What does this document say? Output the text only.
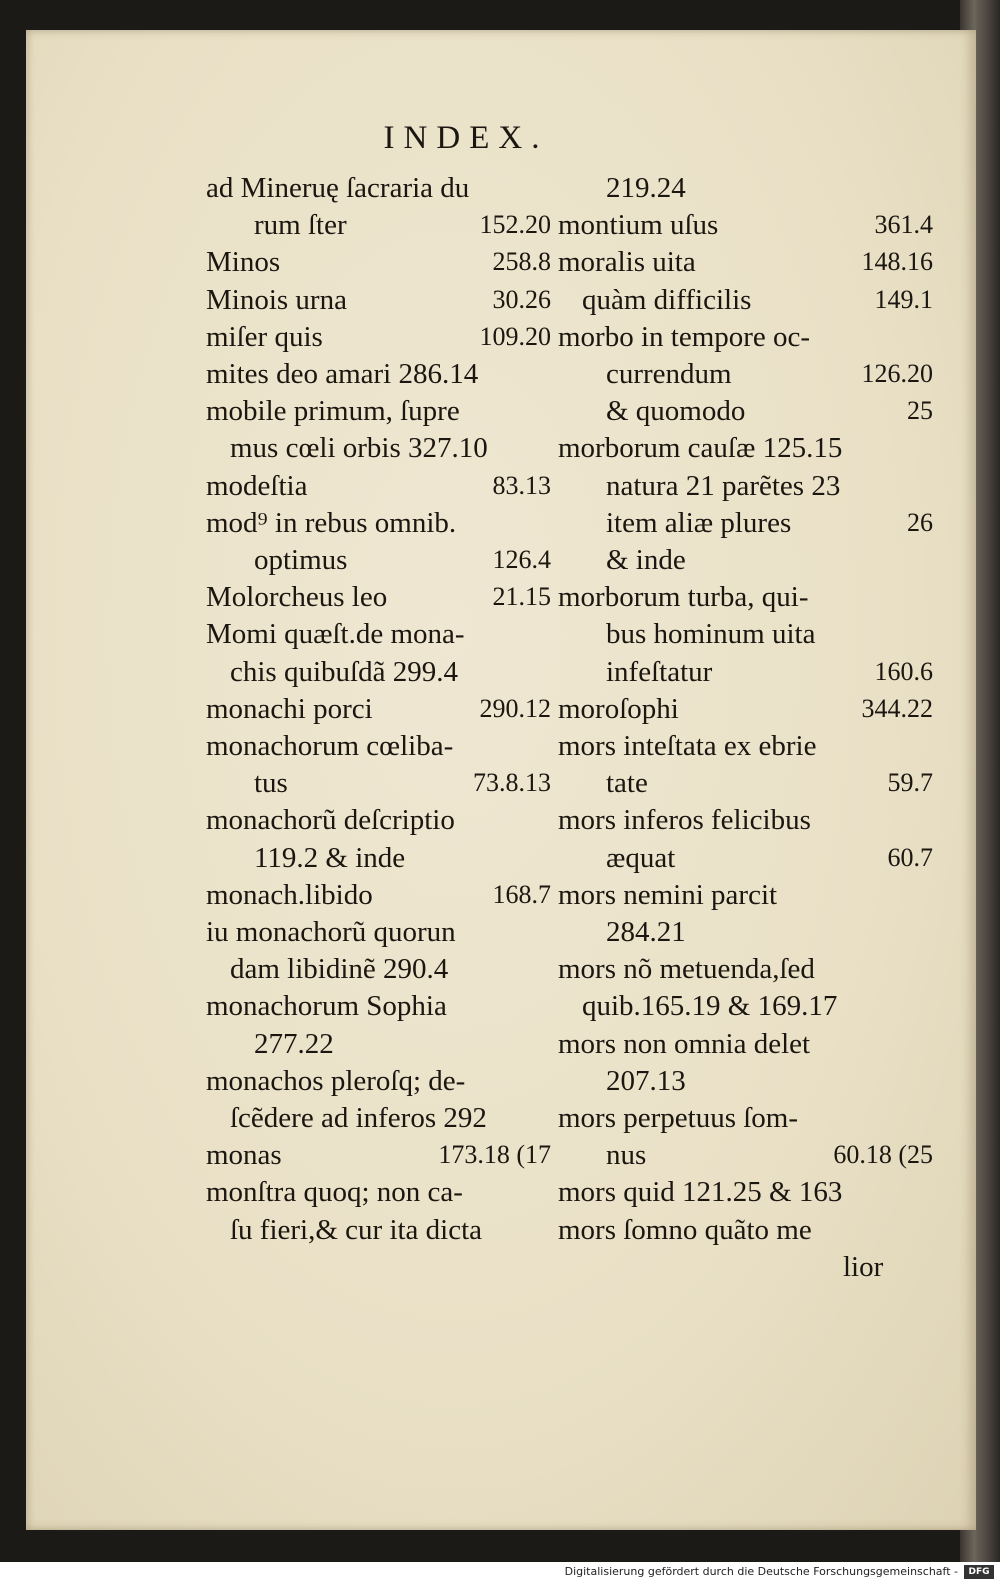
INDEX.
ad Mineruę ſacraria du
rum ſter	152.20
Minos	258.8
Minois urna	30.26
miſer quis	109.20
mites deo amari 286.14
mobile primum, ſupre
mus cœli orbis 327.10
modeſtia	83.13
mod⁹ in rebus omnib.
optimus	126.4
Molorcheus leo	21.15
Momi quæſt.de mona-
chis quibuſdã 299.4
monachi porci	290.12
monachorum cœliba-
tus	73.8.13
monachorũ deſcriptio
119.2 & inde
monach.libido	168.7
iu monachorũ quorun
dam libidinẽ 290.4
monachorum Sophia
277.22
monachos pleroſq; de-
ſcẽdere ad inferos 292
monas	173.18 (17
monſtra quoq; non ca-
ſu fieri,& cur ita dicta
219.24
montium uſus	361.4
moralis uita	148.16
quàm difficilis	149.1
morbo in tempore oc-
currendum	126.20
& quomodo	25
morborum cauſæ 125.15
natura 21 parẽtes 23
item aliæ plures	26
& inde
morborum turba, qui-
bus hominum uita
infeſtatur	160.6
moroſophi	344.22
mors inteſtata ex ebrie
tate	59.7
mors inferos felicibus
æquat	60.7
mors nemini parcit
284.21
mors nõ metuenda,ſed
quib.165.19 & 169.17
mors non omnia delet
207.13
mors perpetuus ſom-
nus	60.18 (25
mors quid 121.25 & 163
mors ſomno quãto me
lior
Digitalisierung gefördert durch die Deutsche Forschungsgemeinschaft -	DFG
